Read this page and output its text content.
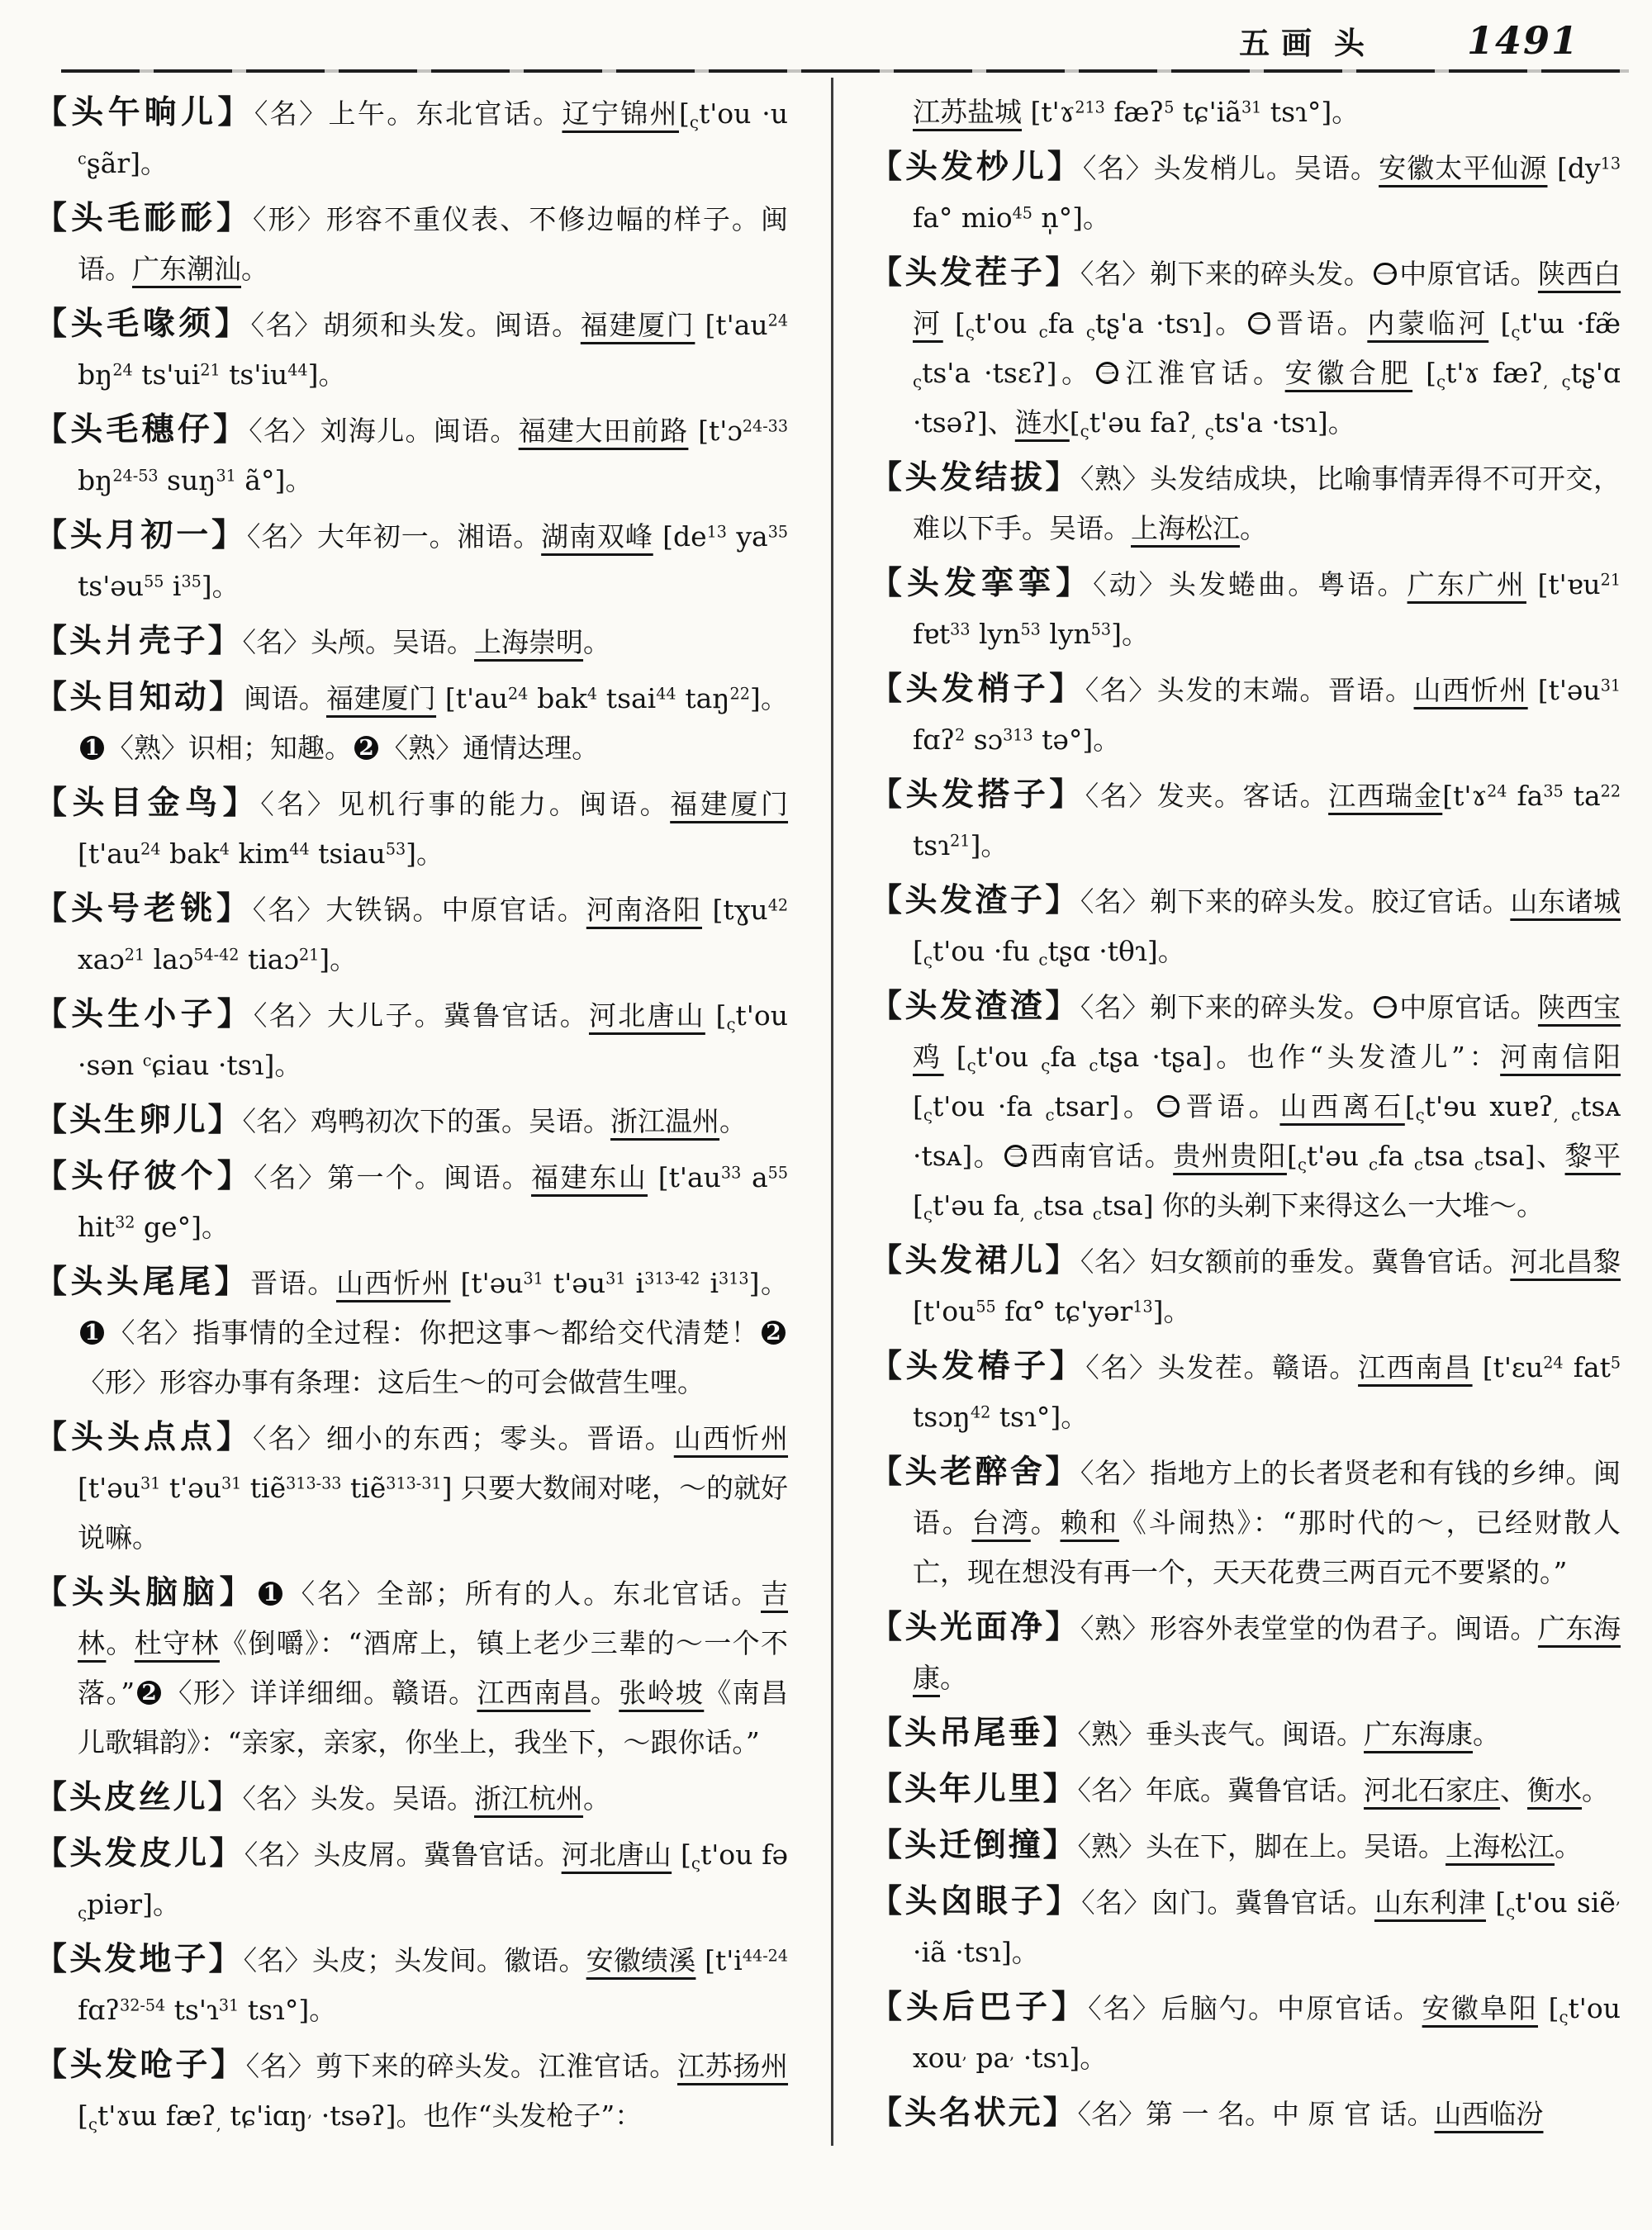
五画 头 1491
【头午晌儿】〈名〉上午。东北官话。辽宁锦州[$_\varsigma t'ou \cdot u$ $^c$ʂãr]。
【头毛耏耏】〈形〉形容不重仪表、不修边幅的样子。闽语。广东潮汕。
【头毛喙须】〈名〉胡须和头发。闽语。福建厦门 [$t'au^{24}$ $bŋ^{24}$ $ts'ui^{21}$ $ts'iu^{44}$]。
【头毛穗仔】〈名〉刘海儿。闽语。福建大田前路 [t'ɔ$^{24-33}$ $bŋ^{24-53}$ suŋ$^{31}$ ã°]。
【头月初一】〈名〉大年初一。湘语。湖南双峰 [$de^{13}$ $ya^{35}$ ts'əu$^{55}$ $i^{35}$]。
【头爿壳子】〈名〉头颅。吴语。上海崇明。
【头目知动】闽语。福建厦门 [$t'au^{24}$ bak$^4$ tsai$^{44}$ taŋ$^{22}$]。1 〈熟〉识相；知趣。 2 〈熟〉通情达理。
【头目金鸟】〈名〉见机行事的能力。闽语。福建厦门 [$t'au^{24}$ bak$^4$ kim$^{44}$ tsiau$^{53}$]。
【头号老铫】〈名〉大铁锅。中原官话。河南洛阳 [tɣu$^{42}$ xaɔ$^{21}$ laɔ$^{54-42}$ tiaɔ$^{21}$]。
【头生小子】〈名〉大儿子。冀鲁官话。河北唐山 [$_\varsigma t'ou$ ·sən $^c$ɕiau ·tsɿ]。
【头生卵儿】〈名〉鸡鸭初次下的蛋。吴语。浙江温州。
【头仔彼个】〈名〉第一个。闽语。福建东山 [$t'au^{33}$ $a^{55}$ hit$^{32}$ ge°]。
【头头尾尾】晋语。山西忻州 [t'əu$^{31}$ t'əu$^{31}$ $i^{313-42}$ $i^{313}$]。1 〈名〉指事情的全过程：你把这事～都给交代清楚！ 2〈形〉形容办事有条理：这后生～的可会做营生哩。
【头头点点】〈名〉细小的东西；零头。晋语。山西忻州 [t'əu$^{31}$ t'əu$^{31}$ tiẽ$^{313-33}$ tiẽ$^{313-31}$] 只要大数闹对咾，～的就好说嘛。
【头头脑脑】 1 〈名〉全部；所有的人。东北官话。吉林。杜守林《倒嚼》：“酒席上，镇上老少三辈的～一个不落。” 2 〈形〉详详细细。赣语。江西南昌。张岭坡《南昌儿歌辑韵》：“亲家，亲家，你坐上，我坐下，～跟你话。”
【头皮丝儿】〈名〉头发。吴语。浙江杭州。
【头发皮儿】〈名〉头皮屑。冀鲁官话。河北唐山 [$_\varsigma t'ou$ fə $_\varsigma$piər]。
【头发地子】〈名〉头皮；头发间。徽语。安徽绩溪 [$t'i^{44-24}$ fɑʔ$^{32-54}$ ts'ɿ$^{31}$ tsɿ°]。
【头发呛子】〈名〉剪下来的碎头发。江淮官话。江苏扬州[$_\varsigma t'ɤɯ$ fæʔ$_,$ tɕ'iɑŋ, ·tsəʔ]。也作“头发枪子”：
江苏盐城 [t'ɤ$^{213}$ fæʔ$^5$ $tɕ'iã^{31}$ tsɿ°]。
【头发杪儿】〈名〉头发梢儿。吴语。安徽太平仙源 [$dy^{13}$ fa° mio$^{45}$ n̩°]。
【头发茬子】〈名〉剃下来的碎头发。 一中原官话。陕西白河 [$_\varsigma t'ou$ $_c$fa $_\varsigma$tʂ'a ·tsɿ]。 二晋语。内蒙临河 [$_\varsigma t'ɯ$ ·fæ̃ $_\varsigma$ts'a ·tsɛʔ]。 三江淮官话。安徽合肥 [$_\varsigma t'ɤ$ fæʔ$_,$ $_\varsigma$tʂ'ɑ ·tsəʔ]、涟水[$_\varsigma t'əu$ faʔ$_,$ $_\varsigma$ts'a ·tsɿ]。
【头发结拔】〈熟〉头发结成块，比喻事情弄得不可开交，难以下手。吴语。上海松江。
【头发挛挛】〈动〉头发蜷曲。粤语。广东广州 [t'ɐu$^{21}$ fɐt$^{33}$ lyn$^{53}$ lyn$^{53}$]。
【头发梢子】〈名〉头发的末端。晋语。山西忻州 [t'əu$^{31}$ fɑʔ$^2$ sɔ$^{313}$ tə°]。
【头发搭子】〈名〉发夹。客话。江西瑞金[t'ɤ$^{24}$ $fa^{35}$ $ta^{22}$ tsɿ$^{21}$]。
【头发渣子】〈名〉剃下来的碎头发。胶辽官话。山东诸城[$_\varsigma t'ou \cdot fu$ $_c$tʂɑ ·tθɿ]。
【头发渣渣】〈名〉剃下来的碎头发。 一中原官话。陕西宝鸡 [$_\varsigma t'ou$ $_\varsigma$fa $_c$tʂa ·tʂa]。也作“头发渣儿”：河南信阳 [$_\varsigma t'ou \cdot fa$ $_c$tsar]。 二晋语。山西离石[$_\varsigma t'ɘu$ xuɐʔ$_,$ $_c$tsᴀ ·tsᴀ]。 三西南官话。贵州贵阳[$_\varsigma t'əu$ $_c$fa $_c$tsa $_c$tsa]、黎平[$_\varsigma t'əu$ $fa_,$ $_c$tsa $_c$tsa] 你的头剃下来得这么一大堆～。
【头发裙儿】〈名〉妇女额前的垂发。冀鲁官话。河北昌黎[$t'ou^{55}$ fɑ° tɕ'yər$^{13}$]。
【头发椿子】〈名〉头发茬。赣语。江西南昌 [t'ɛu$^{24}$ fat$^5$ tsɔŋ$^{42}$ tsɿ°]。
【头老醉舍】〈名〉指地方上的长者贤老和有钱的乡绅。闽语。台湾。赖和《斗闹热》：“那时代的～，已经财散人亡，现在想没有再一个，天天花费三两百元不要紧的。”
【头光面净】〈熟〉形容外表堂堂的伪君子。闽语。广东海康。
【头吊尾垂】〈熟〉垂头丧气。闽语。广东海康。
【头年儿里】〈名〉年底。冀鲁官话。河北石家庄、衡水。
【头迁倒撞】〈熟〉头在下，脚在上。吴语。上海松江。
【头囟眼子】〈名〉囟门。冀鲁官话。山东利津 [$_\varsigma t'ou$ siẽ, ·iã ·tsɿ]。
【头后巴子】〈名〉后脑勺。中原官话。安徽阜阳 [$_\varsigma t'ou$ xou, pa, ·tsɿ]。
【头名状元】〈名〉第 一 名。中 原 官 话。山西临汾
